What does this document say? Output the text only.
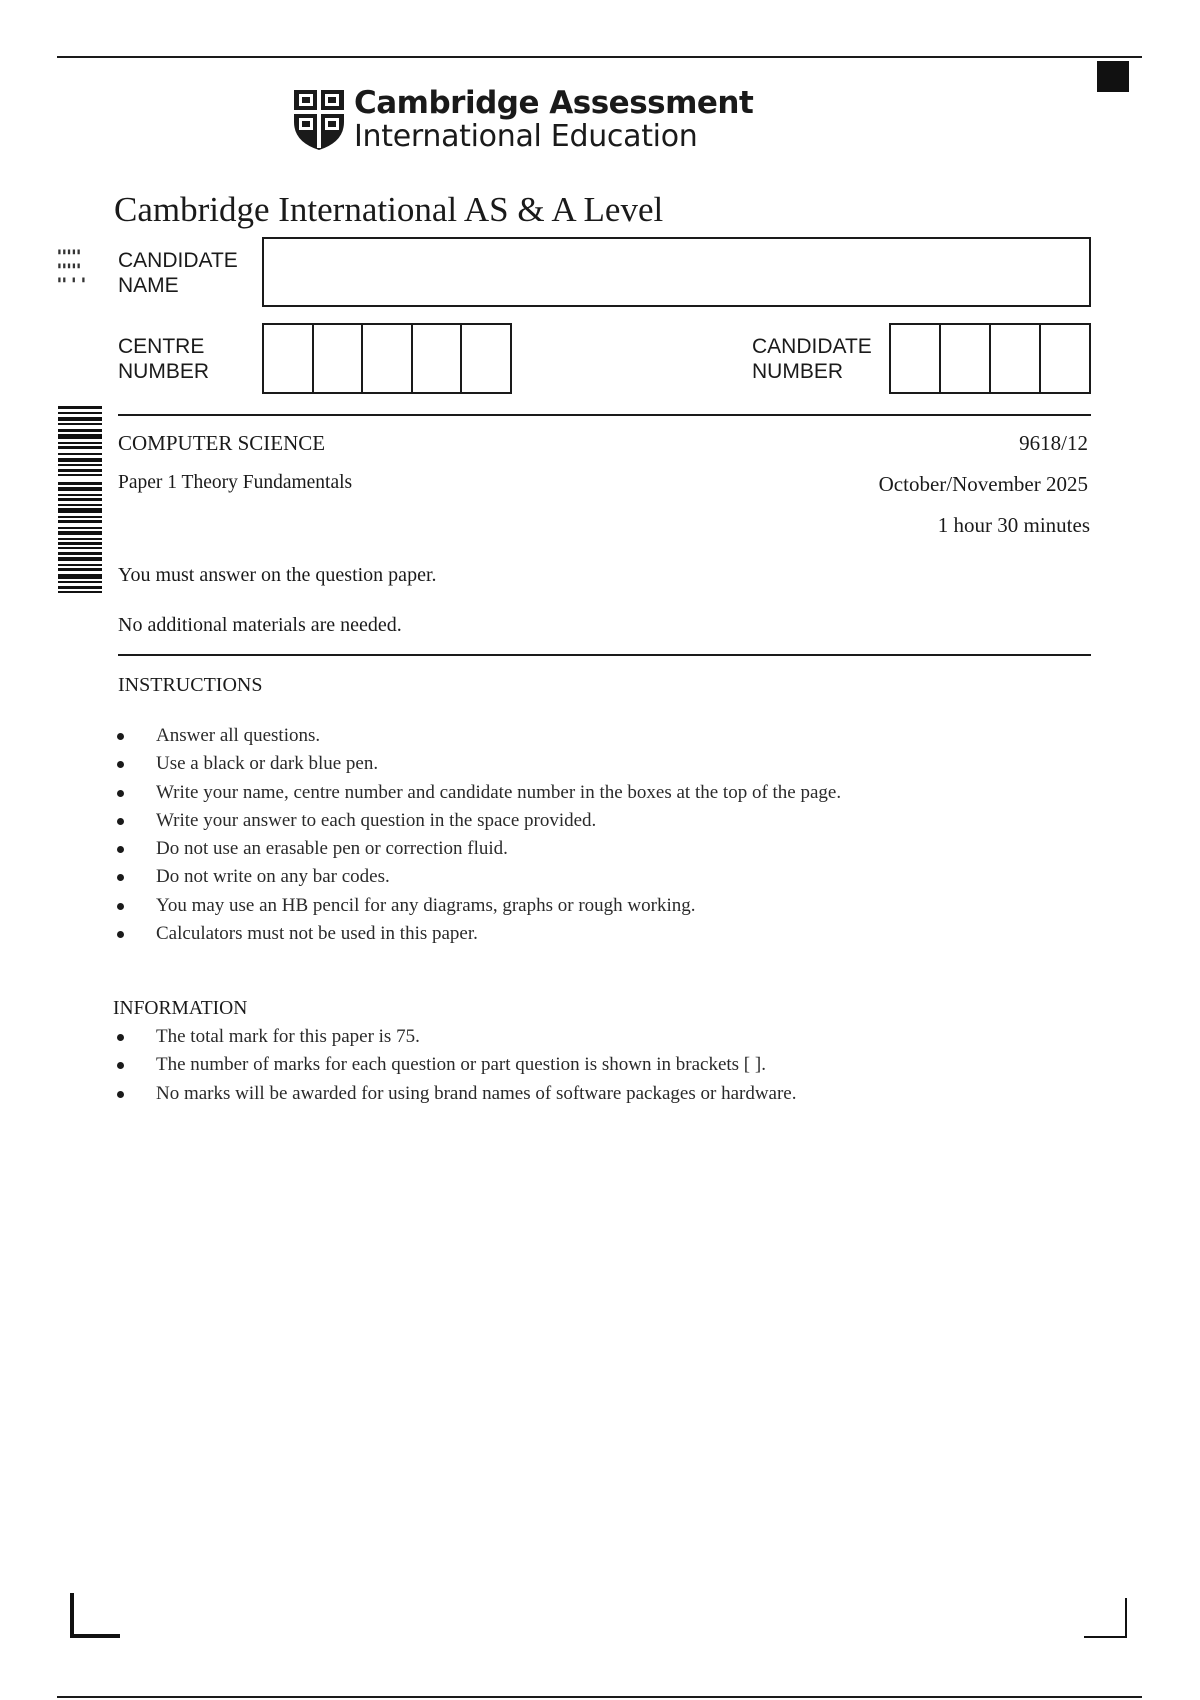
Cambridge Assessment
International Education
Cambridge International AS & A Level
▮▮▮▮▮
▮▮▮▮▮
▮▮ ▮ ▮
CANDIDATE
NAME
CENTRE
NUMBER
CANDIDATE
NUMBER
COMPUTER SCIENCE	9618/12
Paper 1 Theory Fundamentals	October/November 2025
1 hour 30 minutes
You must answer on the question paper.
No additional materials are needed.
INSTRUCTIONS
Answer all questions.
Use a black or dark blue pen.
Write your name, centre number and candidate number in the boxes at the top of the page.
Write your answer to each question in the space provided.
Do not use an erasable pen or correction fluid.
Do not write on any bar codes.
You may use an HB pencil for any diagrams, graphs or rough working.
Calculators must not be used in this paper.
INFORMATION
The total mark for this paper is 75.
The number of marks for each question or part question is shown in brackets [ ].
No marks will be awarded for using brand names of software packages or hardware.
